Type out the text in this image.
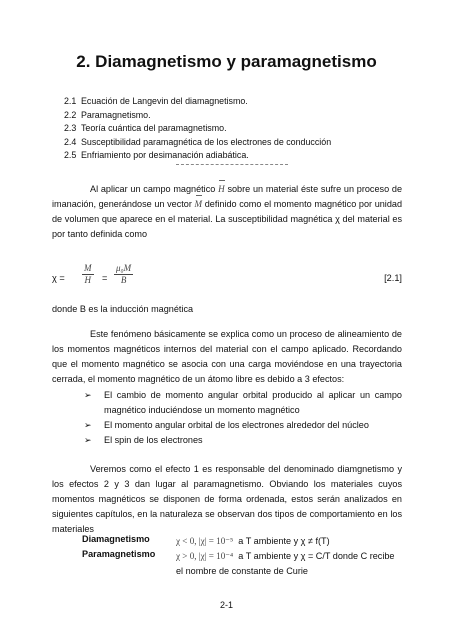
2. Diamagnetismo y paramagnetismo
2.1 Ecuación de Langevin del diamagnetismo.
2.2 Paramagnetismo.
2.3 Teoría cuántica del paramagnetismo.
2.4 Susceptibilidad paramagnética de los electrones de conducción
2.5 Enfriamiento por desimanación adiabática.
Al aplicar un campo magnético H sobre un material éste sufre un proceso de imanación, generándose un vector M definido como el momento magnético por unidad de volumen que aparece en el material. La susceptibilidad magnética χ del material es por tanto definida como
$\chi = \frac{M}{H} = \frac{\text{μ₀M}}{B}$	[2.1]
donde B es la inducción magnética
Este fenómeno básicamente se explica como un proceso de alineamiento de los momentos magnéticos internos del material con el campo aplicado. Recordando que el momento magnético se asocia con una carga moviéndose en una trayectoria cerrada, el momento magnético de un átomo libre es debido a 3 efectos:
➢ El cambio de momento angular orbital producido al aplicar un campo magnético induciéndose un momento magnético
➢ El momento angular orbital de los electrones alrededor del núcleo
➢ El spin de los electrones
Veremos como el efecto 1 es responsable del denominado diamgnetismo y los efectos 2 y 3 dan lugar al paramagnetismo. Obviando los materiales cuyos momentos magnéticos se disponen de forma ordenada, estos serán analizados en siguientes capítulos, en la naturaleza se observan dos tipos de comportamiento en los materiales
Diamagnetismo	χ < 0, |χ| = 10⁻⁵ a T ambiente y χ ≠ f(T)
Paramagnetismo χ > 0, |χ| = 10⁻⁴ a T ambiente y χ = C/T donde C recibe el nombre de constante de Curie
2-1
